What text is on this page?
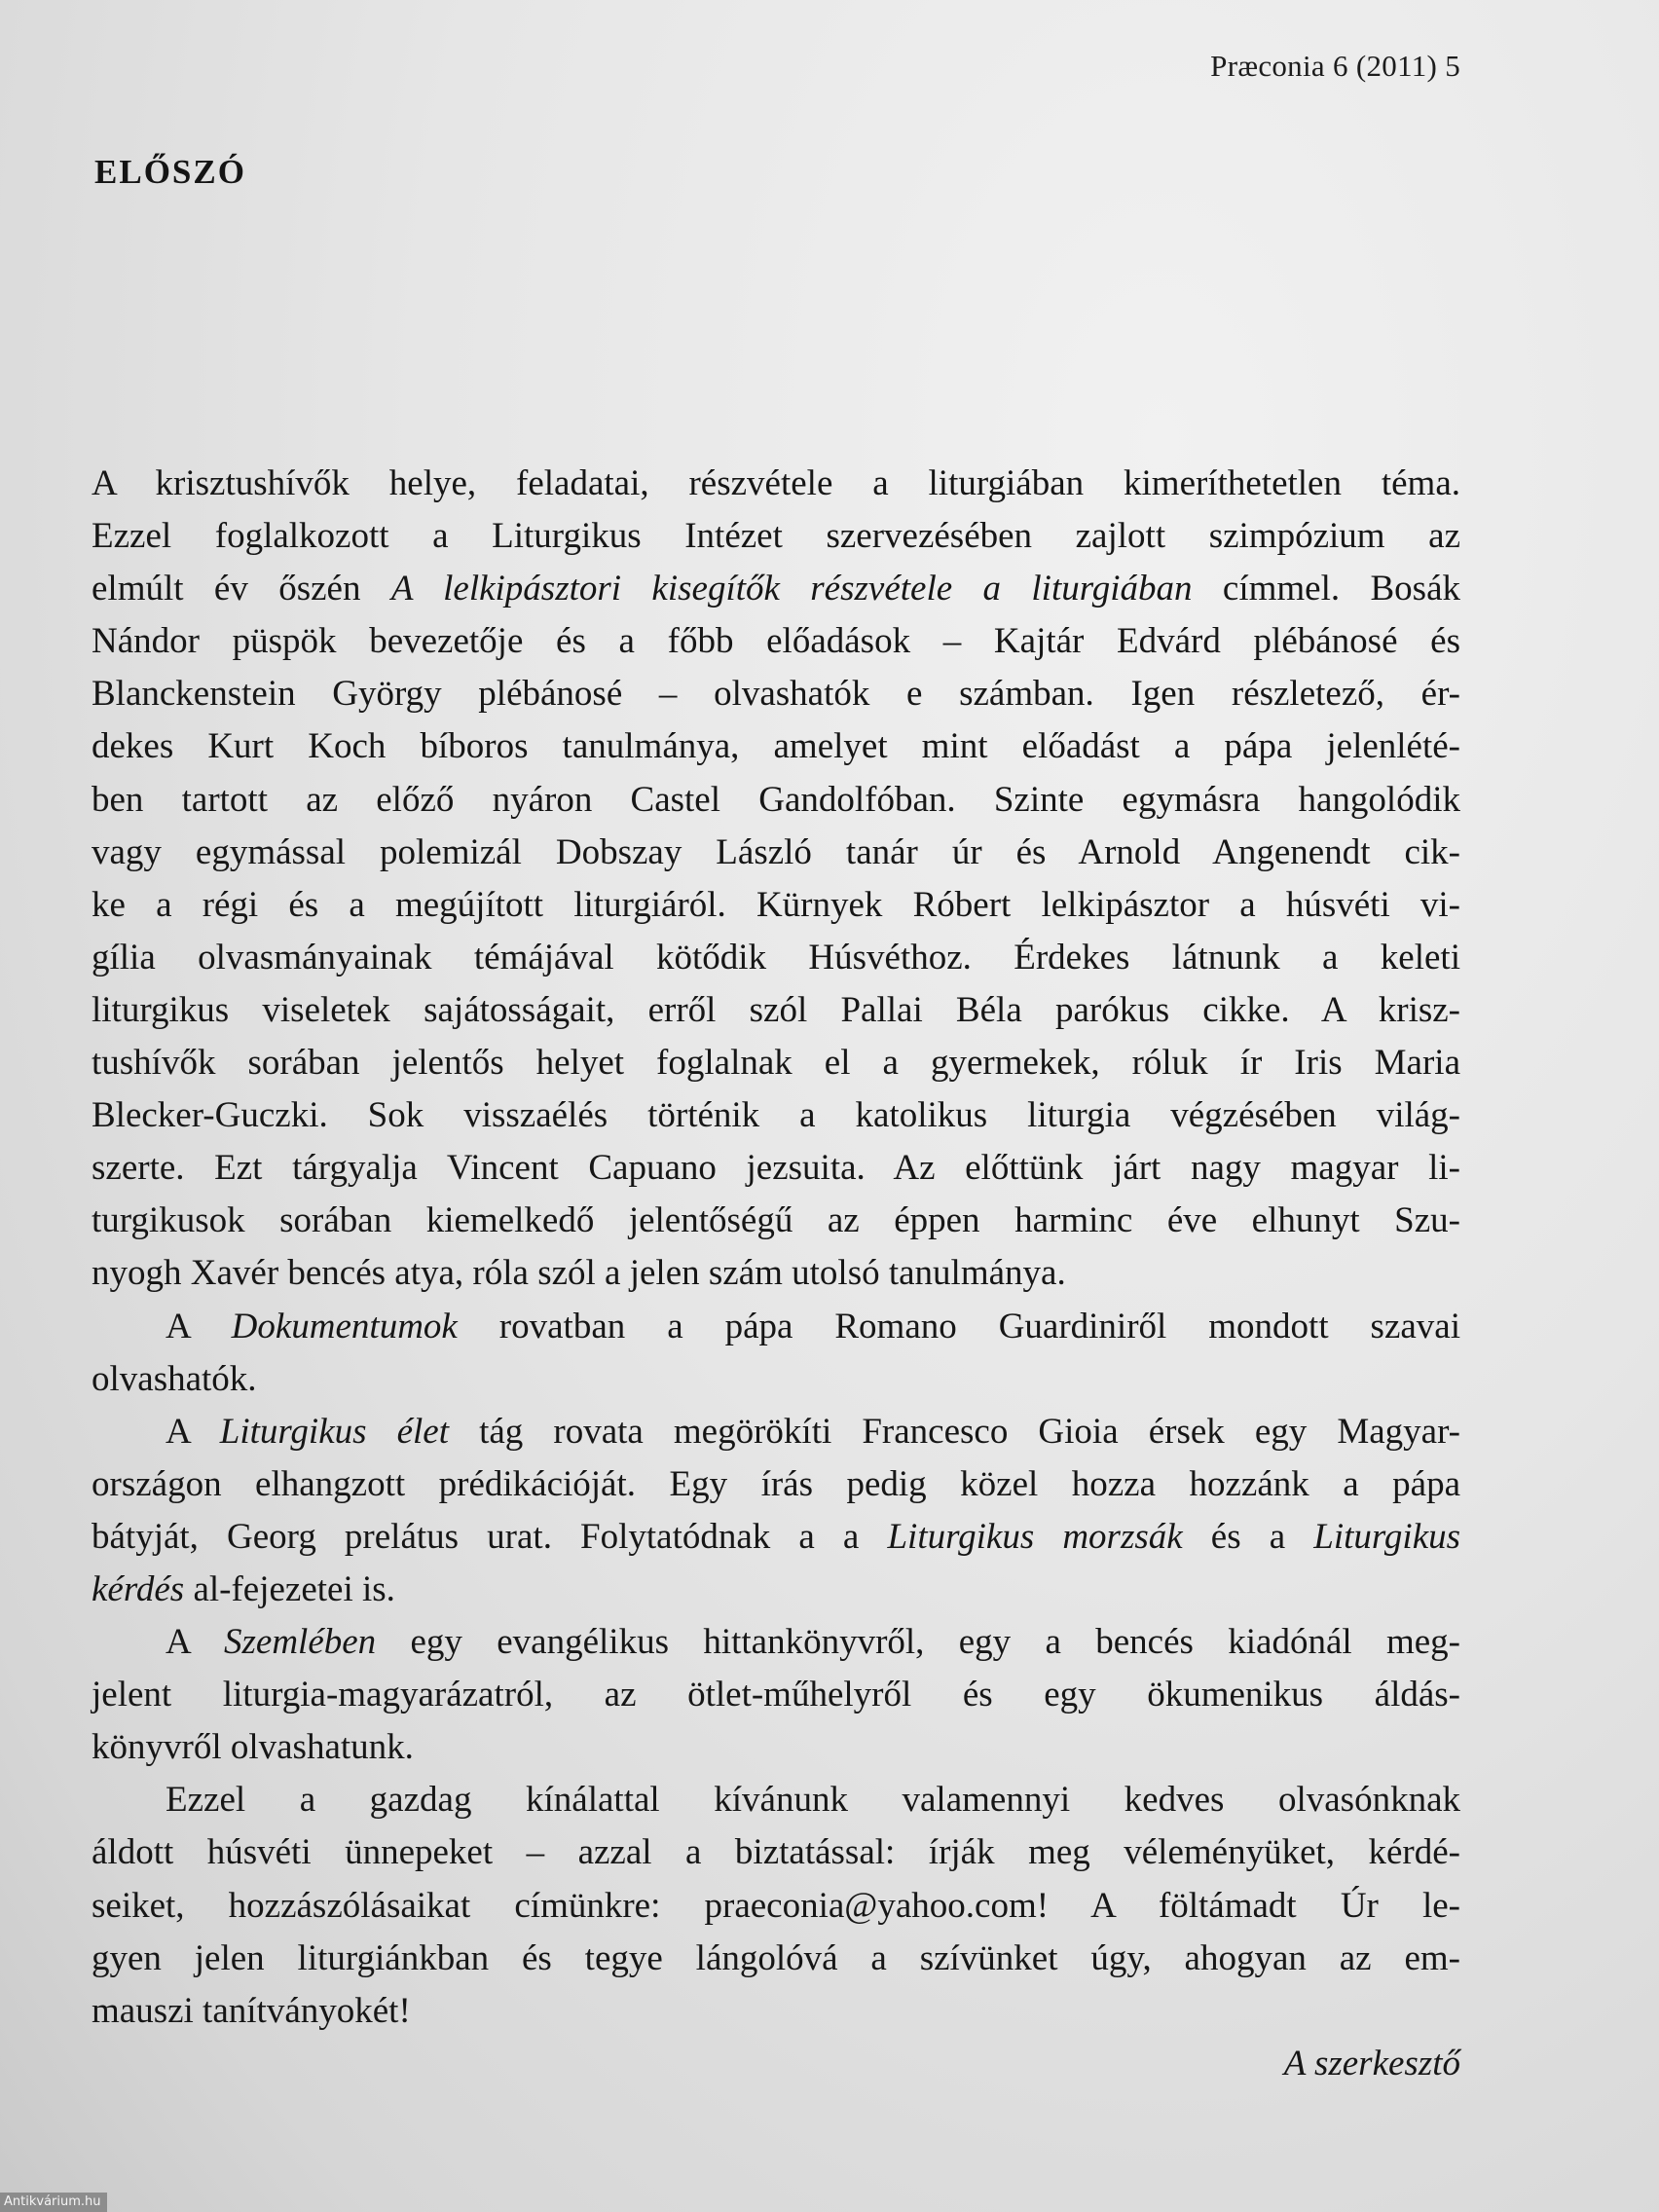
Præconia 6 (2011) 5
ELŐSZÓ
A krisztushívők helye, feladatai, részvétele a liturgiában kimeríthetetlen téma.
Ezzel foglalkozott a Liturgikus Intézet szervezésében zajlott szimpózium az
elmúlt év őszén A lelkipásztori kisegítők részvétele a liturgiában címmel. Bosák
Nándor püspök bevezetője és a főbb előadások – Kajtár Edvárd plébánosé és
Blanckenstein György plébánosé – olvashatók e számban. Igen részletező, ér-
dekes Kurt Koch bíboros tanulmánya, amelyet mint előadást a pápa jelenlété-
ben tartott az előző nyáron Castel Gandolfóban. Szinte egymásra hangolódik
vagy egymással polemizál Dobszay László tanár úr és Arnold Angenendt cik-
ke a régi és a megújított liturgiáról. Kürnyek Róbert lelkipásztor a húsvéti vi-
gília olvasmányainak témájával kötődik Húsvéthoz. Érdekes látnunk a keleti
liturgikus viseletek sajátosságait, erről szól Pallai Béla parókus cikke. A krisz-
tushívők sorában jelentős helyet foglalnak el a gyermekek, róluk ír Iris Maria
Blecker-Guczki. Sok visszaélés történik a katolikus liturgia végzésében világ-
szerte. Ezt tárgyalja Vincent Capuano jezsuita. Az előttünk járt nagy magyar li-
turgikusok sorában kiemelkedő jelentőségű az éppen harminc éve elhunyt Szu-
nyogh Xavér bencés atya, róla szól a jelen szám utolsó tanulmánya.
A Dokumentumok rovatban a pápa Romano Guardiniről mondott szavai
olvashatók.
A Liturgikus élet tág rovata megörökíti Francesco Gioia érsek egy Magyar-
országon elhangzott prédikációját. Egy írás pedig közel hozza hozzánk a pápa
bátyját, Georg prelátus urat. Folytatódnak a a Liturgikus morzsák és a Liturgikus
kérdés al-fejezetei is.
A Szemlében egy evangélikus hittankönyvről, egy a bencés kiadónál meg-
jelent liturgia-magyarázatról, az ötlet-műhelyről és egy ökumenikus áldás-
könyvről olvashatunk.
Ezzel a gazdag kínálattal kívánunk valamennyi kedves olvasónknak
áldott húsvéti ünnepeket – azzal a biztatással: írják meg véleményüket, kérdé-
seiket, hozzászólásaikat címünkre: praeconia@yahoo.com! A föltámadt Úr le-
gyen jelen liturgiánkban és tegye lángolóvá a szívünket úgy, ahogyan az em-
mauszi tanítványokét!
A szerkesztő
Antikvárium.hu
